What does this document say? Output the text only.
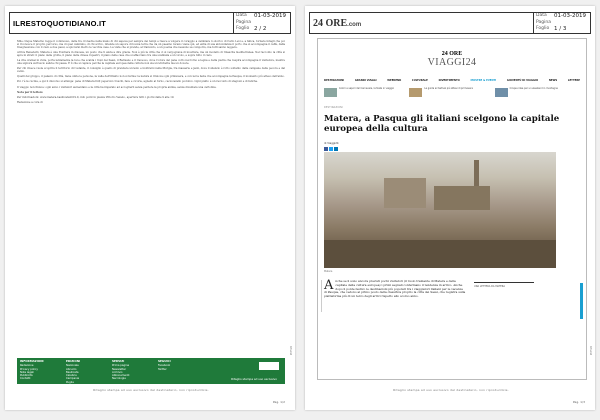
ILRESTOQUOTIDIANO.IT
Data	01-03-2019
Pagina
Foglio 2 / 2

Mile cinque Materno regge il commosso, delle tre cronache nella mano di chi sapeva per sempre dei tempi e riesce a volgere il coraggio a cambiare lo storico di Carlo Levi e, a fatica, tornare intagli che poi si riconosce il proprio percorso, ma di quel cammino, di chi scrivo, intende un sapore di buona terra che da un paesino lucano viene qui, ed enfia di sua abbondanza il porto che si accompagna il caffè, dalla trasgressione con il cielo a due passi, a spiccarsi dietro le vecchie case. La vista che si prende, al tramonto, è un poema che nessuno sa comporre, ma tutti sanno leggere.

Arriva Benedetti, Matera è una frontiera in discesa, un posto che ti aiuta a dire grazie. Non è più la città che ci si vergognava di mostrare, ma un modello di rinascita mediterranea. Nel racconto la città si apre in strati: il piano delle grotte, il piano delle chiese rupestri, il piano delle case che si affacciano tra una scalinata e un vicolo, e sopra tutto il cielo.

La vita oramai in vista, porta lentamente la luce che scalda i rioni dei Sassi, il Barisano e il Caveoso, dove l'odore del pane cotto nel forno a legna e della pietra che respira accompagna il visitatore, mentre una signora sull'uscio saluta chi passa. È lì che si capisce perché la capitale europea della cultura non sia un'etichetta ma un dovere.

Per chi invece vuole scoprire il territorio circostante, il consiglio è quello di prendere un'auto e inoltrarsi nella Murgia, tra masserie e jazzi, dove il silenzio è rotto soltanto dalle campane delle pecore e dal vento.

Quelli del gruppo, il palazzo di città, tiene unite le persone, la valle dell'Ofanto non si ferma: la natura si rinnova ogni primavera, e con lei la festa che accompagna la Pasqua, il momento più atteso dell'anno.

Poi c'è la cucina, e qui il discorso si allunga: pane di Matera IGP, peperoni cruschi, fave e cicorie, agnello al forno, caciocavallo podolico. Ogni piatto è un racconto di stagioni e di fatiche.

Il viaggio non finisce: ogni anno i visitatori aumentano e la città ha imparato ad accoglierli senza perdere la propria anima, senza diventare una cartolina.

Nota per il lettore

Per informazioni: www.matera-basilicata2019.it, info point in piazza Vittorio Veneto, apertura tutti i giorni dalle 9 alle 19.

Redazione a cura di

INFORMAZIONI
Redazione
Privacy policy
Note legali
Pubblicità
Contatti
EDIZIONI
Nazionale
Abruzzo
Basilicata
Calabria
Campania
Puglia
SERVIZI
Prima pagina
Newsletter
Archivio
Abbonamenti
Necrologie
SEGUICI
Facebook
Twitter
Ritaglio stampa ad uso esclusivo
Ritaglio stampa ad uso esclusivo del destinatario, non riproducibile.
Pag. 1/2
057526
24 ORE.com
Data	01-03-2019
Pagina
Foglio 1 / 3
24 ORE
VIAGGI24
DESTINAZIONI	GRANDI VIAGGI	WEEKEND	CULTURALE	DIVERTIMENTO	MOSTRE & EVENTI	GIOVENTÙ DI VIAGGIO	NEWS	LETTERE
Colori e sapori del Carnevale, la festa in viaggio	La guida ai festival più attesi di primavera	Cinque idee per un weekend in montagna
DESTINAZIONI
Matera, a Pasqua gli italiani scelgono la capitale europea della cultura
di Viaggi24
Matera
Anche se il sono ancora previsti pochi visitatori (il ruolo trainante di Matera e della capitale della cultura europea) i primi segnali confermano il tendenza in arrivo. Anche dopo il ponte festivo le destinazioni più popolari tra i viaggiatori italiani per le vacanze di Pasqua, che vedono al primo posto della classifica proprio la città dei Sassi, che registra sulla piattaforma più di un terzo degli arrivi rispetto allo scorso anno.
UNA LETTERA DA MATERA
Ritaglio stampa ad uso esclusivo del destinatario, non riproducibile.
Pag. 1/3
057526
